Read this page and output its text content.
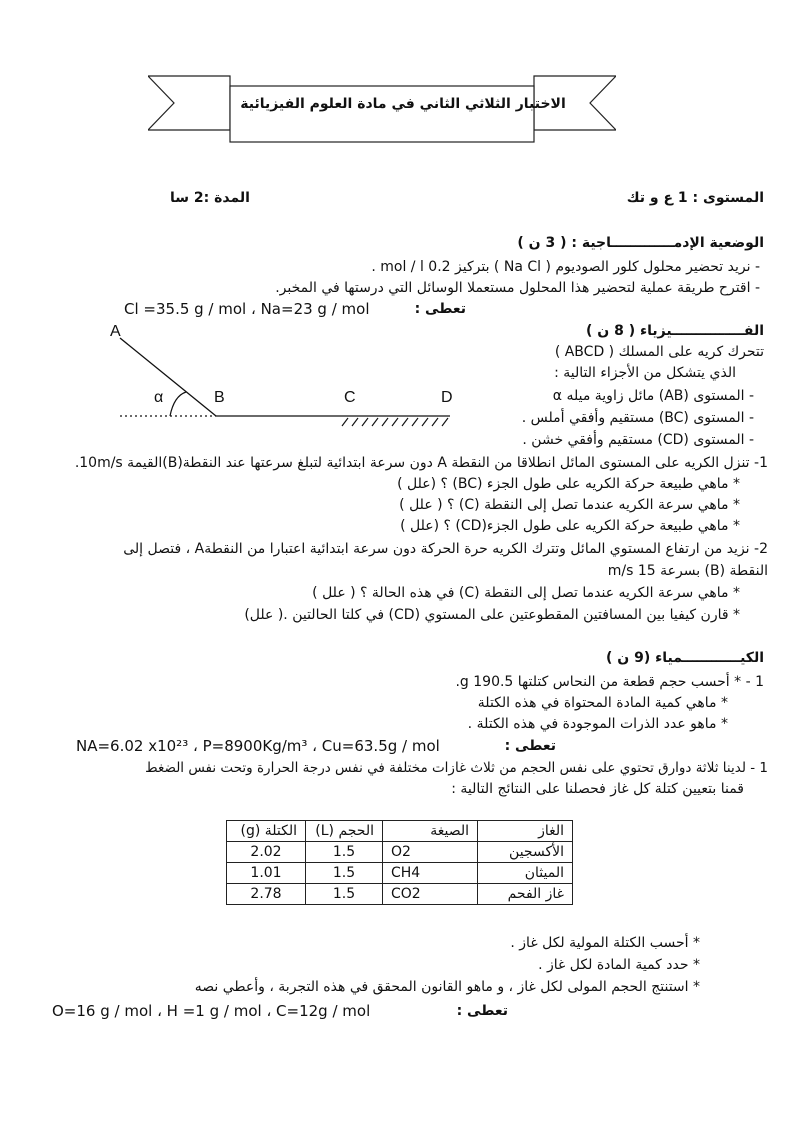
الاختبار الثلاثي الثاني في مادة العلوم الفيزيائية
المستوى : 1 ع و تك
المدة :2 سا
الوضعية الإدمـــــــــــــاجية : ( 3 ن )
- نريد تحضير محلول كلور الصوديوم ( Na Cl ) بتركيز 0.2 mol / l .
- اقترح طريقة عملية لتحضير هذا المحلول مستعملا الوسائل التي درستها في المخبر.
تعطى :
Cl =35.5 g / mol ، Na=23 g / mol
الفـــــــــــــــيزياء ( 8 ن )
A
α	B	C	D
تتحرك كريه على المسلك ( ABCD )
الذي يتشكل من الأجزاء التالية :
- المستوى (AB) مائل زاوية ميله α
- المستوى (BC) مستقيم وأفقي أملس .
- المستوى (CD) مستقيم وأفقي خشن .
1- تنزل الكريه على المستوى المائل انطلاقا من النقطة A دون سرعة ابتدائية لتبلغ سرعتها عند النقطة(B)القيمة 10m/s.
* ماهي طبيعة حركة الكريه على طول الجزء (BC) ؟ (علل )
* ماهي سرعة الكريه عندما تصل إلى النقطة (C) ؟ ( علل )
* ماهي طبيعة حركة الكريه على طول الجزء(CD) ؟ (علل )
2- نزيد من ارتفاع المستوي المائل وتترك الكريه حرة الحركة دون سرعة ابتدائية اعتبارا من النقطةA ، فتصل إلى
النقطة (B) بسرعة 15 m/s
* ماهي سرعة الكريه عندما تصل إلى النقطة (C) في هذه الحالة ؟ ( علل )
* قارن كيفيا بين المسافتين المقطوعتين على المستوي (CD) في كلتا الحالتين .( علل)
الكيــــــــــــمياء (9 ن )
1 - * أحسب حجم قطعة من النحاس كتلتها 190.5 g.
* ماهي كمية المادة المحتواة في هذه الكتلة
* ماهو عدد الذرات الموجودة في هذه الكتلة .
تعطى :
NA=6.02 x10²³ ، P=8900Kg/m³ ، Cu=63.5g / mol
1 - لدينا ثلاثة دوارق تحتوي على نفس الحجم من ثلاث غازات مختلفة في نفس درجة الحرارة وتحت نفس الضغط
قمنا بتعيين كتلة كل غاز فحصلنا على النتائج التالية :
الغاز	الصيغة	الحجم (L)	الكتلة (g)
الأكسجين	O2	1.5	2.02
الميثان	CH4	1.5	1.01
غاز الفحم	CO2	1.5	2.78
* أحسب الكتلة المولية لكل غاز .
* حدد كمية المادة لكل غاز .
* استنتج الحجم المولى لكل غاز ، و ماهو القانون المحقق في هذه التجربة ، وأعطي نصه
تعطى :
O=16 g / mol ، H =1 g / mol ، C=12g / mol
